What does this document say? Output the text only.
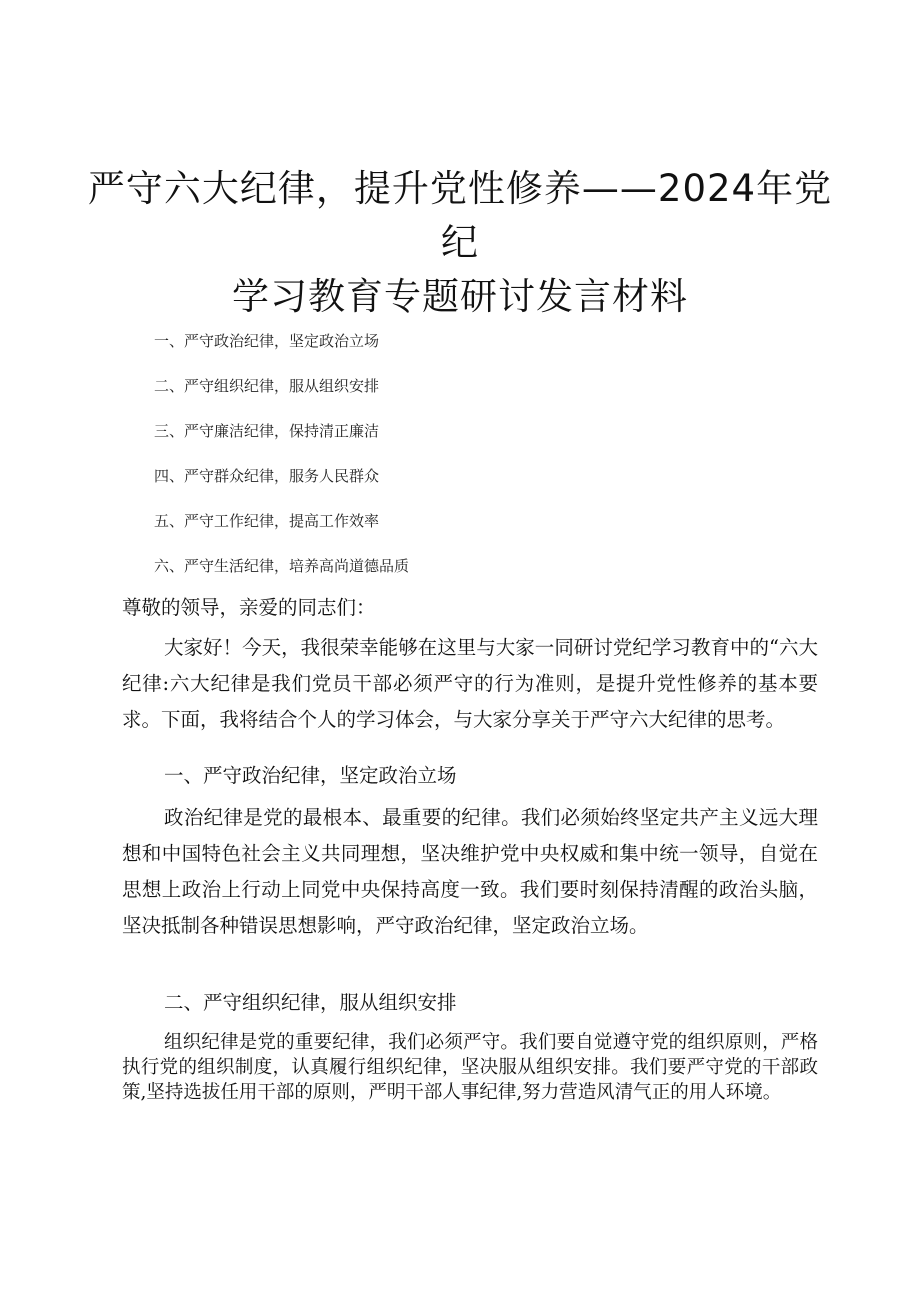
严守六大纪律，提升党性修养——2024年党纪
学习教育专题研讨发言材料
一、严守政治纪律，坚定政治立场
二、严守组织纪律，服从组织安排
三、严守廉洁纪律，保持清正廉洁
四、严守群众纪律，服务人民群众
五、严守工作纪律，提高工作效率
六、严守生活纪律，培养高尚道德品质
尊敬的领导，亲爱的同志们：
大家好！今天，我很荣幸能够在这里与大家一同研讨党纪学习教育中的“六大纪律:六大纪律是我们党员干部必须严守的行为准则，是提升党性修养的基本要求。下面，我将结合个人的学习体会，与大家分享关于严守六大纪律的思考。
一、严守政治纪律，坚定政治立场
政治纪律是党的最根本、最重要的纪律。我们必须始终坚定共产主义远大理想和中国特色社会主义共同理想，坚决维护党中央权威和集中统一领导，自觉在思想上政治上行动上同党中央保持高度一致。我们要时刻保持清醒的政治头脑，坚决抵制各种错误思想影响，严守政治纪律，坚定政治立场。
二、严守组织纪律，服从组织安排
组织纪律是党的重要纪律，我们必须严守。我们要自觉遵守党的组织原则，严格执行党的组织制度，认真履行组织纪律，坚决服从组织安排。我们要严守党的干部政策,坚持选拔任用干部的原则，严明干部人事纪律,努力营造风清气正的用人环境。
